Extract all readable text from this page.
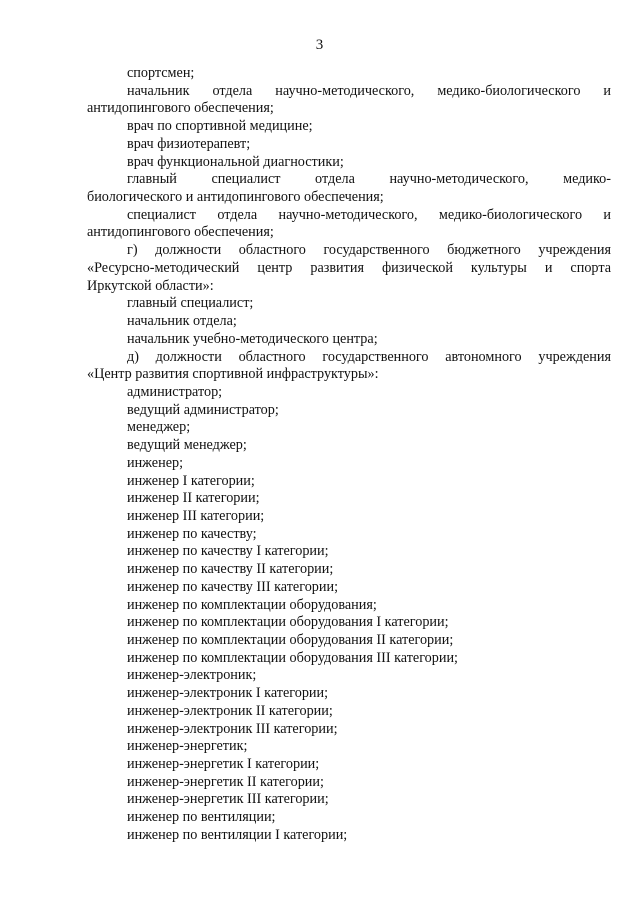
3
спортсмен;
начальник отдела научно-методического, медико-биологического и
антидопингового обеспечения;
врач по спортивной медицине;
врач физиотерапевт;
врач функциональной диагностики;
главный специалист отдела научно-методического, медико-
биологического и антидопингового обеспечения;
специалист отдела научно-методического, медико-биологического и
антидопингового обеспечения;
г) должности областного государственного бюджетного учреждения
«Ресурсно-методический центр развития физической культуры и спорта
Иркутской области»:
главный специалист;
начальник отдела;
начальник учебно-методического центра;
д) должности областного государственного автономного учреждения
«Центр развития спортивной инфраструктуры»:
администратор;
ведущий администратор;
менеджер;
ведущий менеджер;
инженер;
инженер I категории;
инженер II категории;
инженер III категории;
инженер по качеству;
инженер по качеству I категории;
инженер по качеству II категории;
инженер по качеству III категории;
инженер по комплектации оборудования;
инженер по комплектации оборудования I категории;
инженер по комплектации оборудования II категории;
инженер по комплектации оборудования III категории;
инженер-электроник;
инженер-электроник I категории;
инженер-электроник II категории;
инженер-электроник III категории;
инженер-энергетик;
инженер-энергетик I категории;
инженер-энергетик II категории;
инженер-энергетик III категории;
инженер по вентиляции;
инженер по вентиляции I категории;
